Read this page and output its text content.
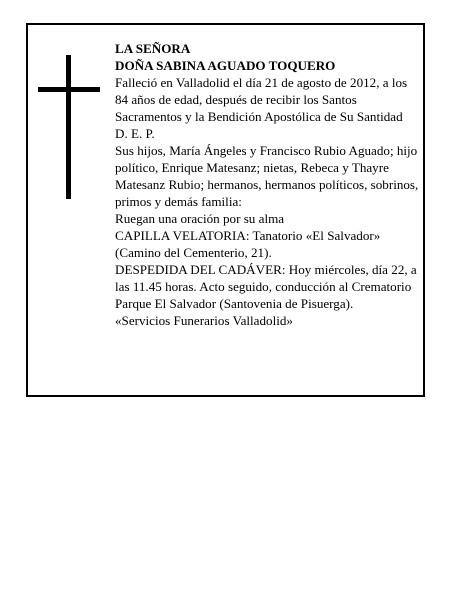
LA SEÑORA

DOÑA SABINA AGUADO TOQUERO

Falleció en Valladolid el día 21 de agosto de 2012, a los 84 años de edad, después de recibir los Santos Sacramentos y la Bendición Apostólica de Su Santidad

D. E. P.

Sus hijos, María Ángeles y Francisco Rubio Aguado; hijo político, Enrique Matesanz; nietas, Rebeca y Thayre Matesanz Rubio; hermanos, hermanos políticos, sobrinos, primos y demás familia:

Ruegan una oración por su alma

CAPILLA VELATORIA: Tanatorio «El Salvador» (Camino del Cementerio, 21).

DESPEDIDA DEL CADÁVER: Hoy miércoles, día 22, a las 11.45 horas. Acto seguido, conducción al Crematorio Parque El Salvador (Santovenia de Pisuerga).

«Servicios Funerarios Valladolid»
